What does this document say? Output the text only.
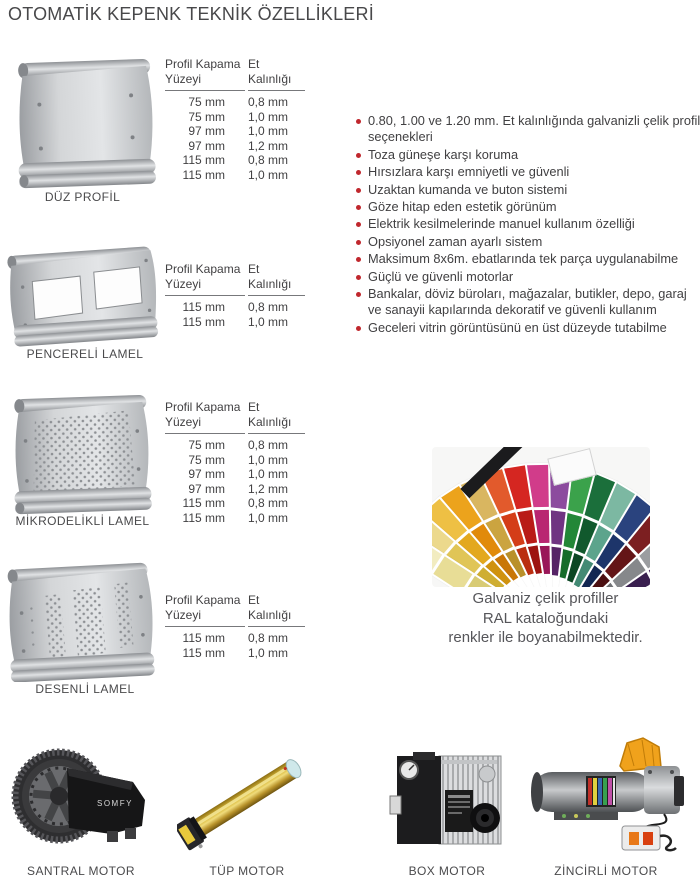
OTOMATİK KEPENK TEKNİK ÖZELLİKLERİ
DÜZ PROFİL
Profil Kapama
Yüzeyi
Et
Kalınlığı
75 mm 0,8 mm
75 mm 1,0 mm
97 mm 1,0 mm
97 mm 1,2 mm
115 mm 0,8 mm
115 mm 1,0 mm
0.80, 1.00 ve 1.20 mm. Et kalınlığında galvanizli çelik profil seçenekleri
Toza güneşe karşı koruma
Hırsızlara karşı emniyetli ve güvenli
Uzaktan kumanda ve buton sistemi
Göze hitap eden estetik görünüm
Elektrik kesilmelerinde manuel kullanım özelliği
Opsiyonel zaman ayarlı sistem
Maksimum 8x6m. ebatlarında tek parça uygulanabilme
Güçlü ve güvenli motorlar
Bankalar, döviz büroları, mağazalar, butikler, depo, garaj ve sanayii kapılarında dekoratif ve güvenli kullanım
Geceleri vitrin görüntüsünü en üst düzeyde tutabilme
PENCERELİ LAMEL
Profil Kapama
Yüzeyi
Et
Kalınlığı
115 mm 0,8 mm
115 mm 1,0 mm
MİKRODELİKLİ LAMEL
Profil Kapama
Yüzeyi
Et
Kalınlığı
75 mm 0,8 mm
75 mm 1,0 mm
97 mm 1,0 mm
97 mm 1,2 mm
115 mm 0,8 mm
115 mm 1,0 mm
DESENLİ LAMEL
Profil Kapama
Yüzeyi
Et
Kalınlığı
115 mm 0,8 mm
115 mm 1,0 mm
Galvaniz çelik profiller
RAL kataloğundaki
renkler ile boyanabilmektedir.
SOMFY
SANTRAL MOTOR	TÜP MOTOR	BOX MOTOR	ZİNCİRLİ MOTOR
